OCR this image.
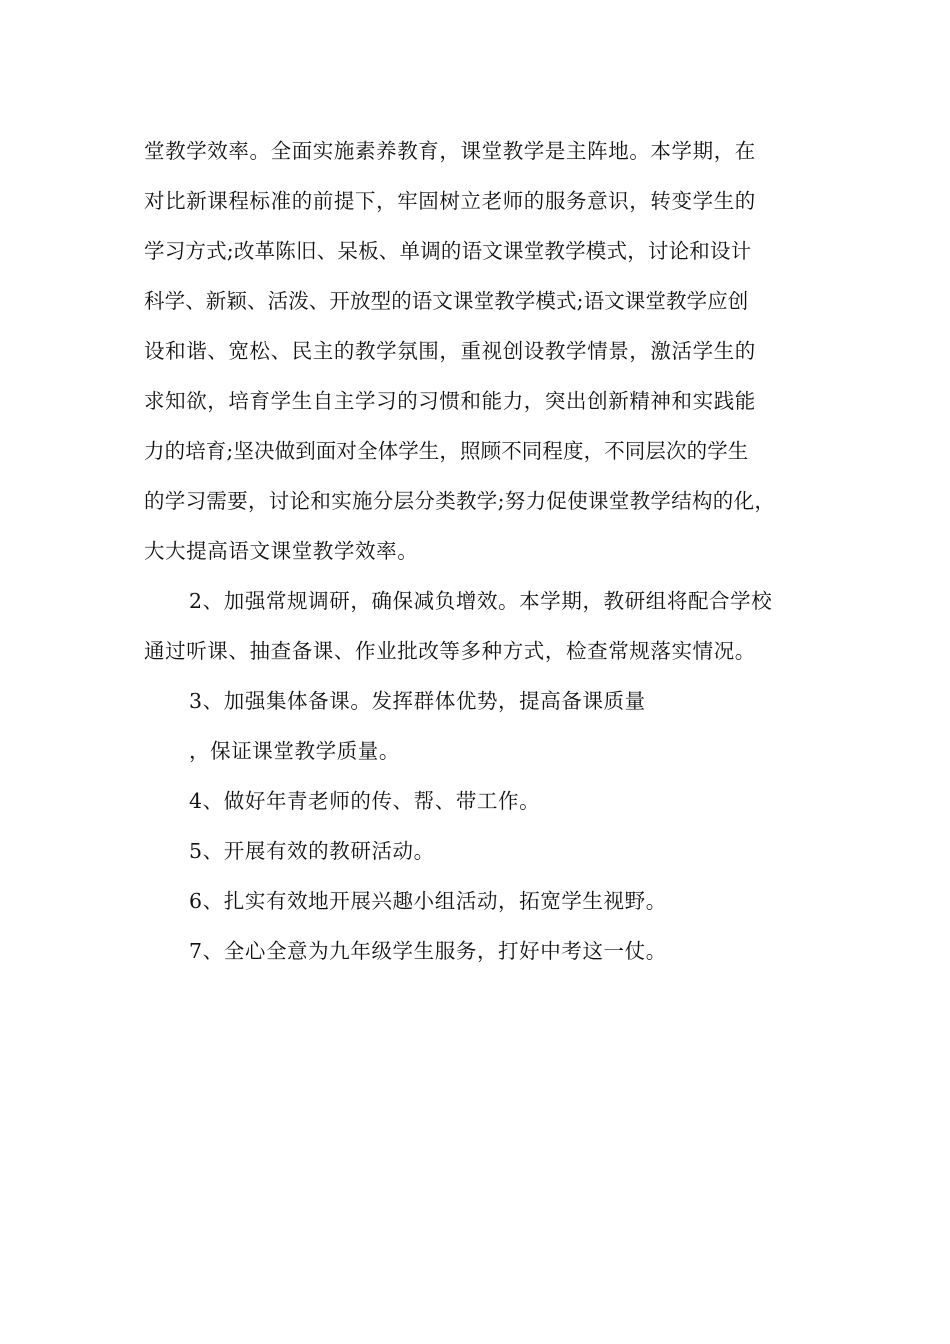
堂教学效率。全面实施素养教育，课堂教学是主阵地。本学期，在
对比新课程标准的前提下，牢固树立老师的服务意识，转变学生的
学习方式;改革陈旧、呆板、单调的语文课堂教学模式，讨论和设计
科学、新颖、活泼、开放型的语文课堂教学模式;语文课堂教学应创
设和谐、宽松、民主的教学氛围，重视创设教学情景，激活学生的
求知欲，培育学生自主学习的习惯和能力，突出创新精神和实践能
力的培育;坚决做到面对全体学生，照顾不同程度，不同层次的学生
的学习需要，讨论和实施分层分类教学;努力促使课堂教学结构的化，
大大提高语文课堂教学效率。
2、加强常规调研，确保减负增效。本学期，教研组将配合学校
通过听课、抽查备课、作业批改等多种方式，检查常规落实情况。
3、加强集体备课。发挥群体优势，提高备课质量
，保证课堂教学质量。
4、做好年青老师的传、帮、带工作。
5、开展有效的教研活动。
6、扎实有效地开展兴趣小组活动，拓宽学生视野。
7、全心全意为九年级学生服务，打好中考这一仗。
